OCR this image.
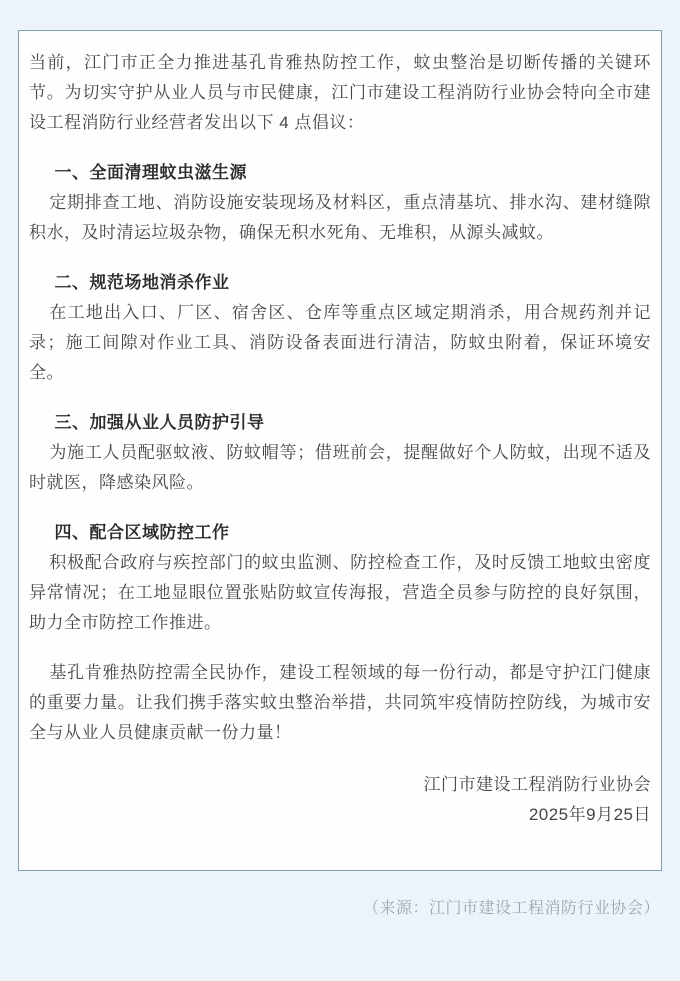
当前，江门市正全力推进基孔肯雅热防控工作，蚊虫整治是切断传播的关键环节。为切实守护从业人员与市民健康，江门市建设工程消防行业协会特向全市建设工程消防行业经营者发出以下 4 点倡议：

一、全面清理蚊虫滋生源

定期排查工地、消防设施安装现场及材料区，重点清基坑、排水沟、建材缝隙积水，及时清运垃圾杂物，确保无积水死角、无堆积，从源头减蚊。

二、规范场地消杀作业

在工地出入口、厂区、宿舍区、仓库等重点区域定期消杀，用合规药剂并记录；施工间隙对作业工具、消防设备表面进行清洁，防蚊虫附着，保证环境安全。

三、加强从业人员防护引导

为施工人员配驱蚊液、防蚊帽等；借班前会，提醒做好个人防蚊，出现不适及时就医，降感染风险。

四、配合区域防控工作

积极配合政府与疾控部门的蚊虫监测、防控检查工作，及时反馈工地蚊虫密度异常情况；在工地显眼位置张贴防蚊宣传海报，营造全员参与防控的良好氛围，助力全市防控工作推进。

基孔肯雅热防控需全民协作，建设工程领域的每一份行动，都是守护江门健康的重要力量。让我们携手落实蚊虫整治举措，共同筑牢疫情防控防线，为城市安全与从业人员健康贡献一份力量！

江门市建设工程消防行业协会

2025年9月25日

（来源：江门市建设工程消防行业协会）
